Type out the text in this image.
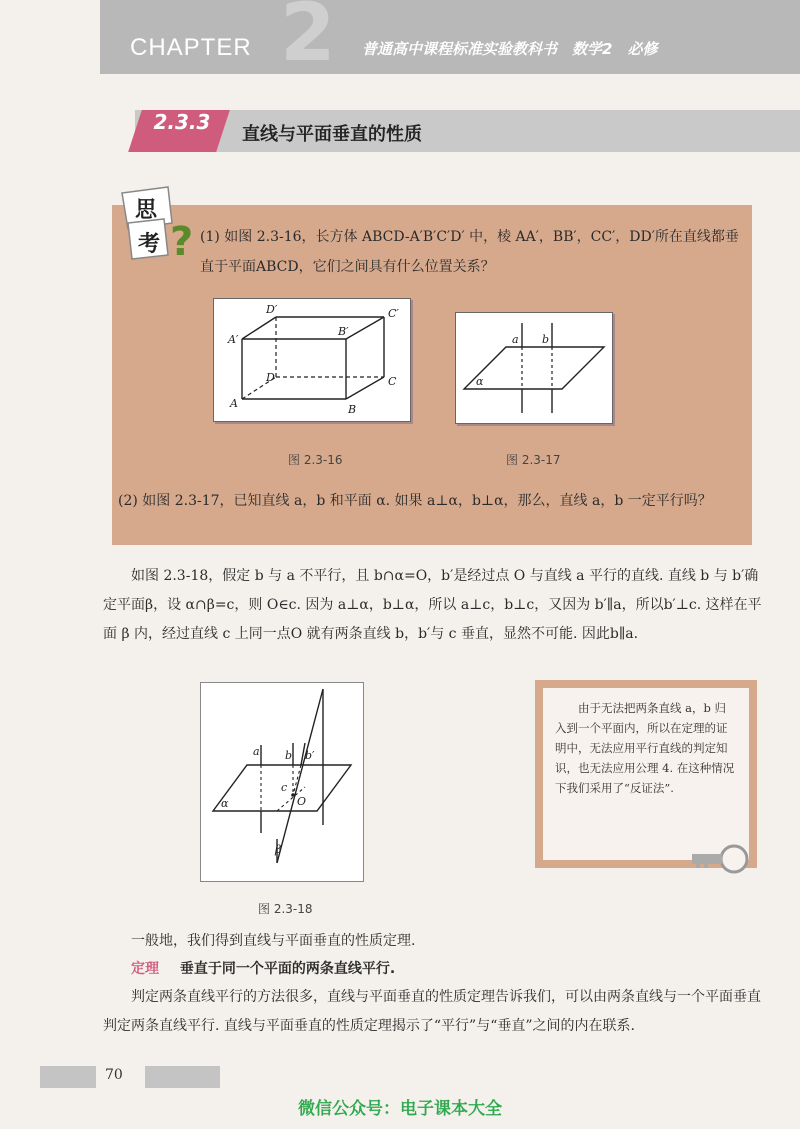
2
CHAPTER	普通高中课程标准实验教科书　数学2　必修
2.3.3
直线与平面垂直的性质
思
考 ? (1) 如图 2.3-16，长方体 ABCD-A′B′C′D′ 中，棱 AA′，BB′，CC′，DD′所在直线都垂直于平面ABCD，它们之间具有什么位置关系？
D′	C′
A′
B′
D	C
A	B
图 2.3-16
a b
α
图 2.3-17
(2) 如图 2.3-17，已知直线 a，b 和平面 α. 如果 a⊥α，b⊥α，那么，直线 a，b 一定平行吗？
如图 2.3-18，假定 b 与 a 不平行，且 b∩α=O，b′是经过点 O 与直线 a 平行的直线. 直线 b 与 b′确定平面β，设 α∩β=c，则 O∈c. 因为 a⊥α，b⊥α，所以 a⊥c，b⊥c，又因为 b′∥a，所以b′⊥c. 这样在平面 β 内，经过直线 c 上同一点O 就有两条直线 b，b′与 c 垂直，显然不可能. 因此b∥a.
a b b′
c
O
α
β
图 2.3-18
由于无法把两条直线 a，b 归入到一个平面内，所以在定理的证明中，无法应用平行直线的判定知识，也无法应用公理 4. 在这种情况下我们采用了“反证法”.
一般地，我们得到直线与平面垂直的性质定理.
定理 垂直于同一个平面的两条直线平行.
判定两条直线平行的方法很多，直线与平面垂直的性质定理告诉我们，可以由两条直线与一个平面垂直判定两条直线平行. 直线与平面垂直的性质定理揭示了“平行”与“垂直”之间的内在联系.
70
微信公众号：电子课本大全
